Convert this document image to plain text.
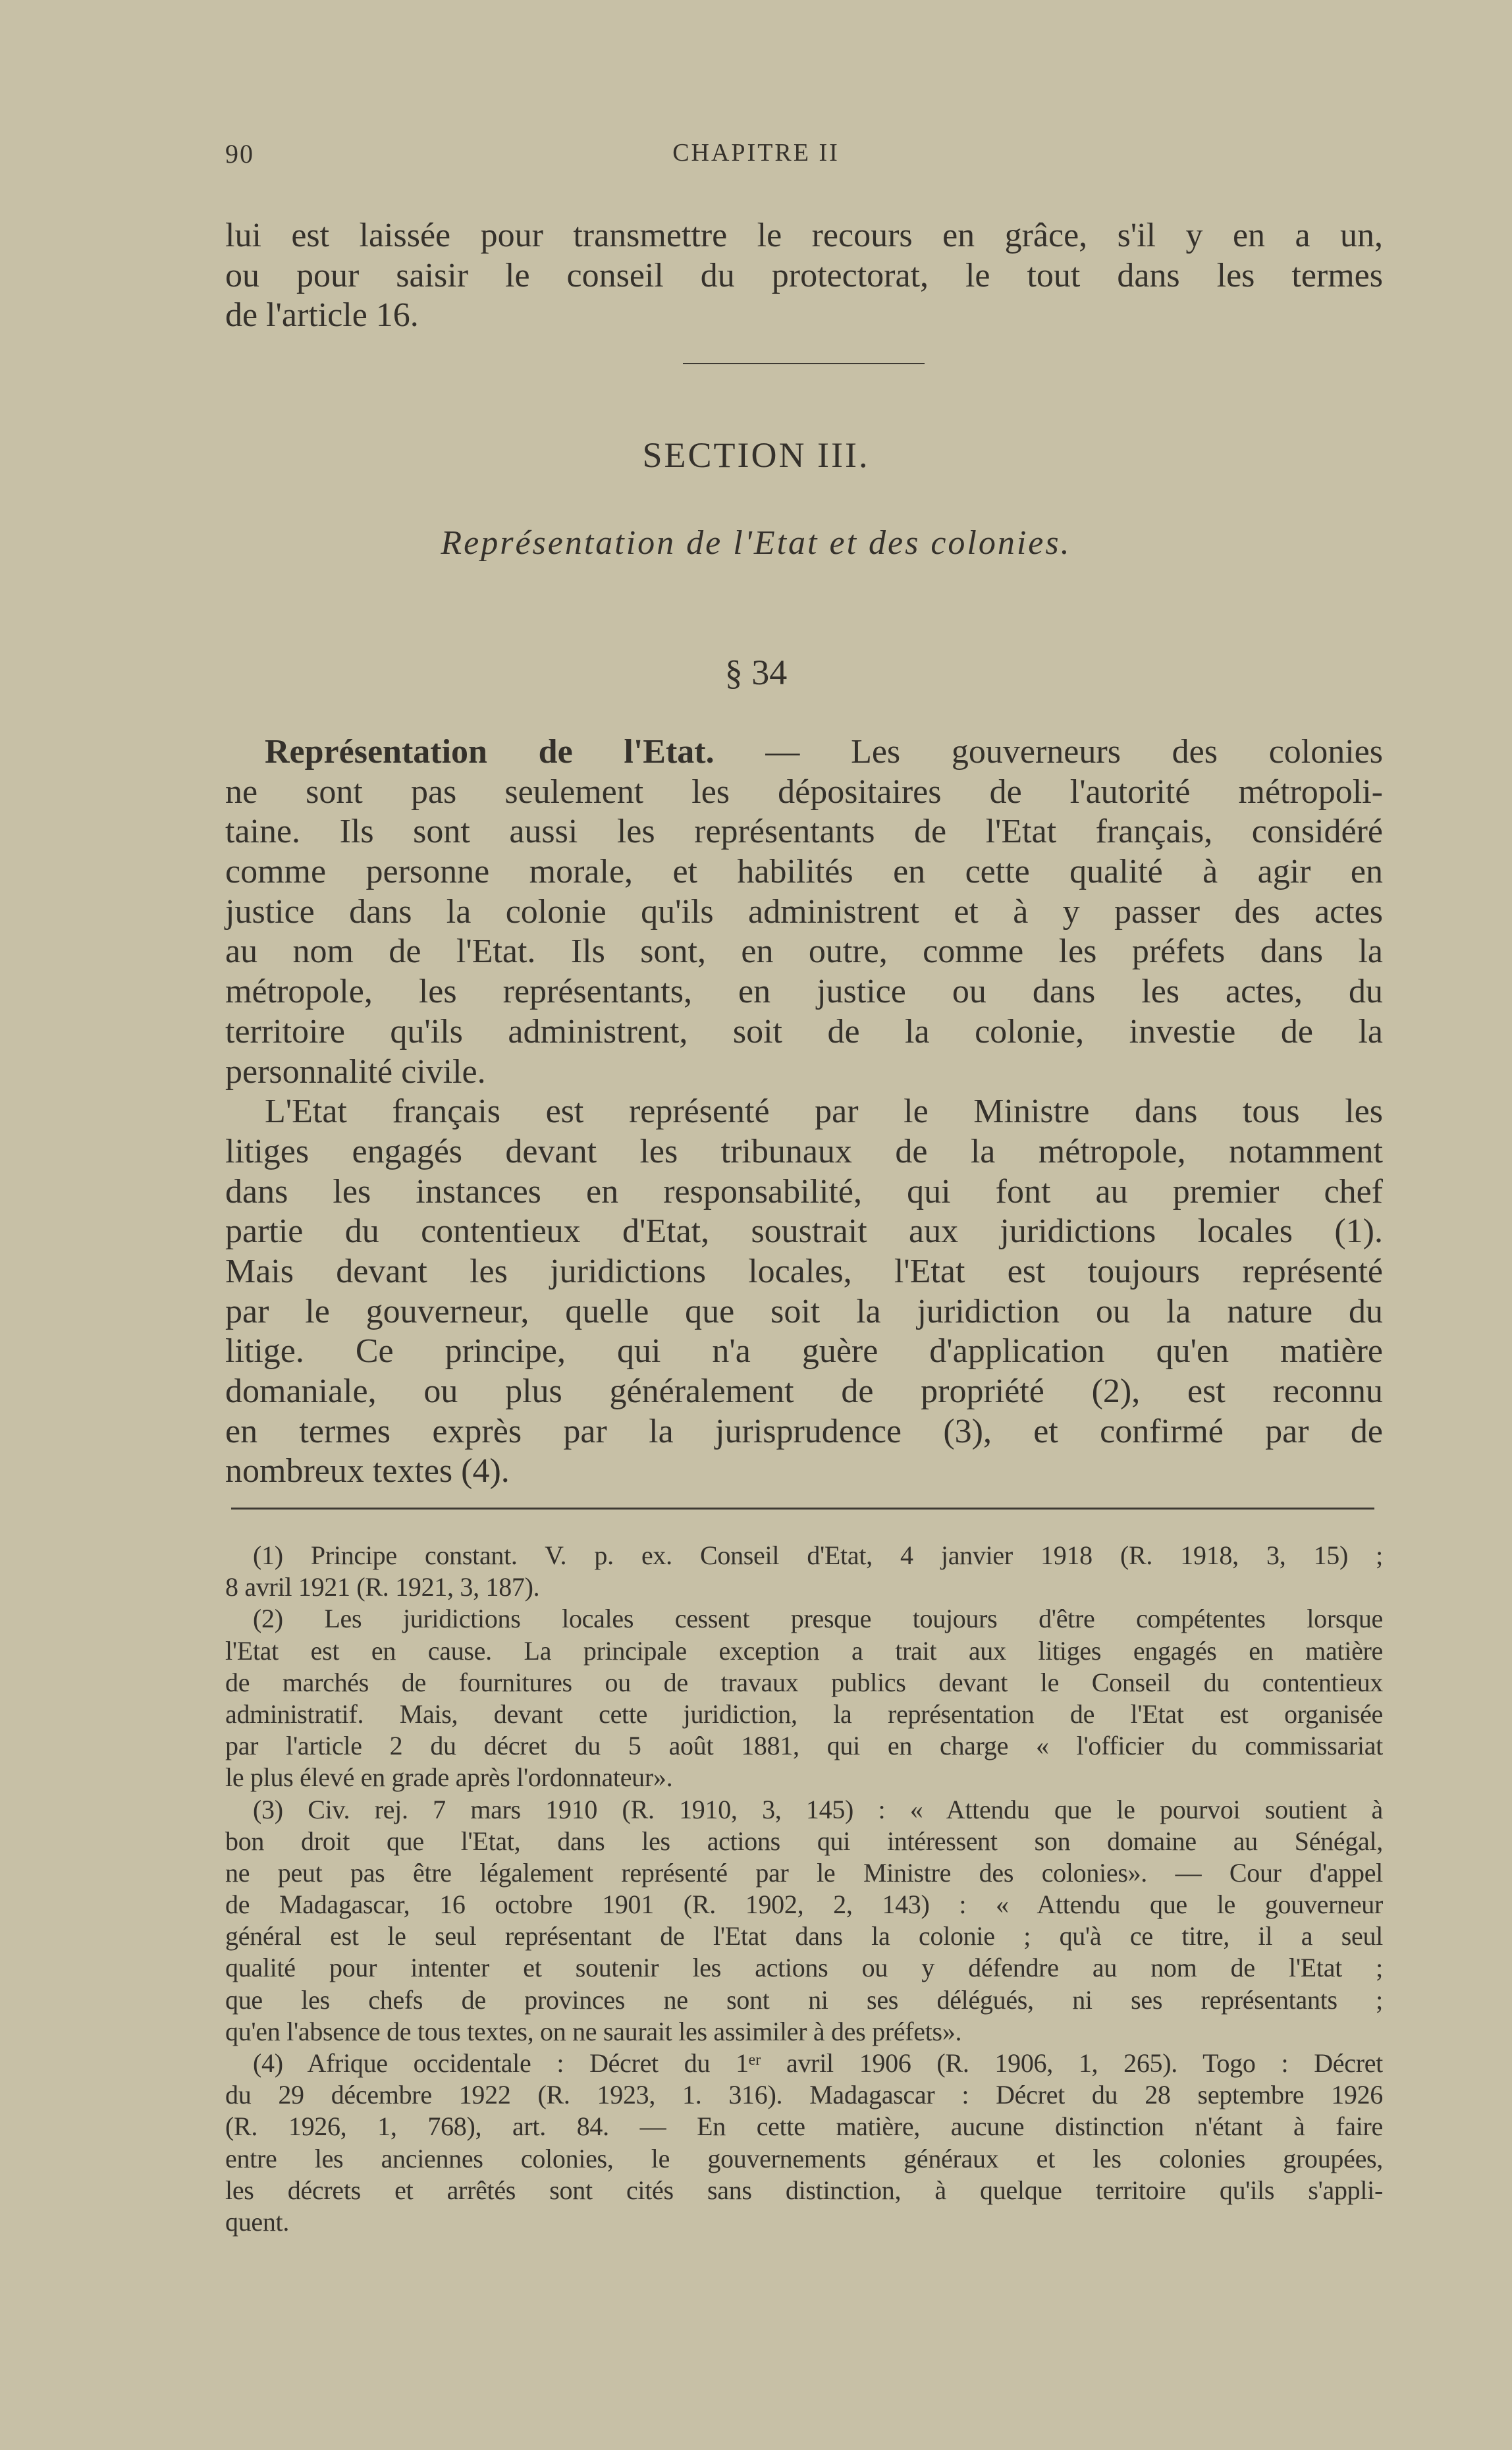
90	CHAPITRE II
lui est laissée pour transmettre le recours en grâce, s'il y en a un,
ou pour saisir le conseil du protectorat, le tout dans les termes
de l'article 16.
SECTION III.
Représentation de l'Etat et des colonies.
§ 34
Représentation de l'Etat. — Les gouverneurs des colonies
ne sont pas seulement les dépositaires de l'autorité métropoli-
taine. Ils sont aussi les représentants de l'Etat français, considéré
comme personne morale, et habilités en cette qualité à agir en
justice dans la colonie qu'ils administrent et à y passer des actes
au nom de l'Etat. Ils sont, en outre, comme les préfets dans la
métropole, les représentants, en justice ou dans les actes, du
territoire qu'ils administrent, soit de la colonie, investie de la
personnalité civile.
L'Etat français est représenté par le Ministre dans tous les
litiges engagés devant les tribunaux de la métropole, notamment
dans les instances en responsabilité, qui font au premier chef
partie du contentieux d'Etat, soustrait aux juridictions locales (1).
Mais devant les juridictions locales, l'Etat est toujours représenté
par le gouverneur, quelle que soit la juridiction ou la nature du
litige. Ce principe, qui n'a guère d'application qu'en matière
domaniale, ou plus généralement de propriété (2), est reconnu
en termes exprès par la jurisprudence (3), et confirmé par de
nombreux textes (4).
(1) Principe constant. V. p. ex. Conseil d'Etat, 4 janvier 1918 (R. 1918, 3, 15) ;
8 avril 1921 (R. 1921, 3, 187).
(2) Les juridictions locales cessent presque toujours d'être compétentes lorsque
l'Etat est en cause. La principale exception a trait aux litiges engagés en matière
de marchés de fournitures ou de travaux publics devant le Conseil du contentieux
administratif. Mais, devant cette juridiction, la représentation de l'Etat est organisée
par l'article 2 du décret du 5 août 1881, qui en charge « l'officier du commissariat
le plus élevé en grade après l'ordonnateur».
(3) Civ. rej. 7 mars 1910 (R. 1910, 3, 145) : « Attendu que le pourvoi soutient à
bon droit que l'Etat, dans les actions qui intéressent son domaine au Sénégal,
ne peut pas être légalement représenté par le Ministre des colonies». — Cour d'appel
de Madagascar, 16 octobre 1901 (R. 1902, 2, 143) : « Attendu que le gouverneur
général est le seul représentant de l'Etat dans la colonie ; qu'à ce titre, il a seul
qualité pour intenter et soutenir les actions ou y défendre au nom de l'Etat ;
que les chefs de provinces ne sont ni ses délégués, ni ses représentants ;
qu'en l'absence de tous textes, on ne saurait les assimiler à des préfets».
(4) Afrique occidentale : Décret du 1ᵉʳ avril 1906 (R. 1906, 1, 265). Togo : Décret
du 29 décembre 1922 (R. 1923, 1. 316). Madagascar : Décret du 28 septembre 1926
(R. 1926, 1, 768), art. 84. — En cette matière, aucune distinction n'étant à faire
entre les anciennes colonies, le gouvernements généraux et les colonies groupées,
les décrets et arrêtés sont cités sans distinction, à quelque territoire qu'ils s'appli-
quent.
